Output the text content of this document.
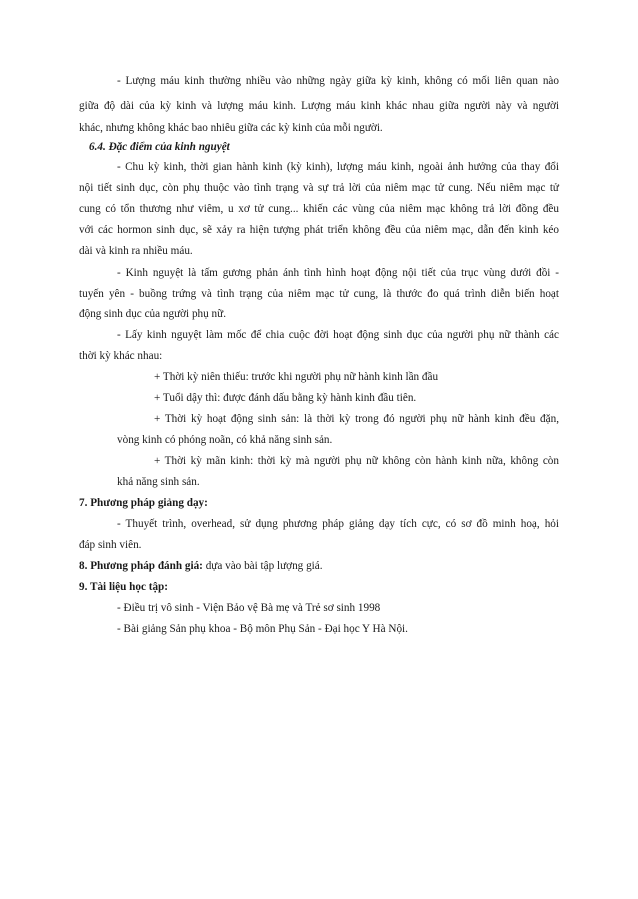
- Lượng máu kinh thường nhiều vào những ngày giữa kỳ kinh, không có mối liên quan nào
giữa độ dài của kỳ kinh và lượng máu kinh. Lượng máu kinh khác nhau giữa người này và người
khác, nhưng không khác bao nhiêu giữa các kỳ kinh của mỗi người.
6.4. Đặc điểm của kinh nguyệt
- Chu kỳ kinh, thời gian hành kinh (kỳ kinh), lượng máu kinh, ngoài ảnh hưởng của thay đổi
nội tiết sinh dục, còn phụ thuộc vào tình trạng và sự trả lời của niêm mạc tử cung. Nếu niêm mạc tử
cung có tổn thương như viêm, u xơ tử cung... khiến các vùng của niêm mạc không trả lời đồng đều
với các hormon sinh dục, sẽ xảy ra hiện tượng phát triển không đều của niêm mạc, dẫn đến kinh kéo
dài và kinh ra nhiều máu.
- Kinh nguyệt là tấm gương phản ánh tình hình hoạt động nội tiết của trục vùng dưới đồi -
tuyến yên - buồng trứng và tình trạng của niêm mạc tử cung, là thước đo quá trình diễn biến hoạt
động sinh dục của người phụ nữ.
- Lấy kinh nguyệt làm mốc để chia cuộc đời hoạt động sinh dục của người phụ nữ thành các
thời kỳ khác nhau:
+ Thời kỳ niên thiếu: trước khi người phụ nữ hành kinh lần đầu
+ Tuổi dậy thì: được đánh dấu bằng kỳ hành kinh đầu tiên.
+ Thời kỳ hoạt động sinh sản: là thời kỳ trong đó người phụ nữ hành kinh đều đặn,
vòng kinh có phóng noãn, có khả năng sinh sản.
+ Thời kỳ mãn kinh: thời kỳ mà người phụ nữ không còn hành kinh nữa, không còn
khả năng sinh sản.
7. Phương pháp giảng dạy:
- Thuyết trình, overhead, sử dụng phương pháp giảng dạy tích cực, có sơ đồ minh hoạ, hỏi
đáp sinh viên.
8. Phương pháp đánh giá: dựa vào bài tập lượng giá.
9. Tài liệu học tập:
- Điều trị vô sinh - Viện Bảo vệ Bà mẹ và Trẻ sơ sinh 1998
- Bài giảng Sản phụ khoa - Bộ môn Phụ Sản - Đại học Y Hà Nội.
